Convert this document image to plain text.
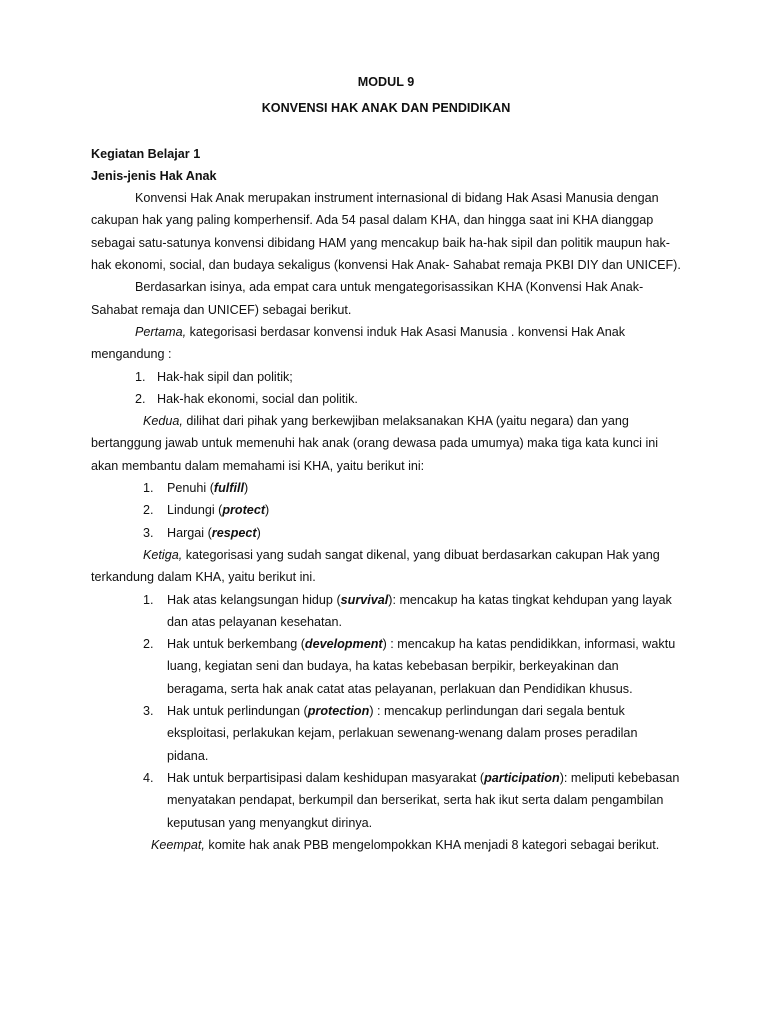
MODUL 9

KONVENSI HAK ANAK DAN PENDIDIKAN

Kegiatan Belajar 1

Jenis-jenis Hak Anak

Konvensi Hak Anak merupakan instrument internasional di bidang Hak Asasi Manusia dengan cakupan hak yang paling komperhensif. Ada 54 pasal dalam KHA, dan hingga saat ini KHA dianggap sebagai satu-satunya konvensi dibidang HAM yang mencakup baik ha-hak sipil dan politik maupun hak-hak ekonomi, social, dan budaya sekaligus (konvensi Hak Anak- Sahabat remaja PKBI DIY dan UNICEF).

Berdasarkan isinya, ada empat cara untuk mengategorisassikan KHA (Konvensi Hak Anak- Sahabat remaja dan UNICEF) sebagai berikut.

Pertama, kategorisasi berdasar konvensi induk Hak Asasi Manusia . konvensi Hak Anak mengandung :

1. Hak-hak sipil dan politik;
2. Hak-hak ekonomi, social dan politik.

Kedua, dilihat dari pihak yang berkewjiban melaksanakan KHA (yaitu negara) dan yang bertanggung jawab untuk memenuhi hak anak (orang dewasa pada umumya) maka tiga kata kunci ini akan membantu dalam memahami isi KHA, yaitu berikut ini:

1. Penuhi (fulfill)
2. Lindungi (protect)
3. Hargai (respect)

Ketiga, kategorisasi yang sudah sangat dikenal, yang dibuat berdasarkan cakupan Hak yang terkandung dalam KHA, yaitu berikut ini.

1. Hak atas kelangsungan hidup (survival): mencakup ha katas tingkat kehdupan yang layak dan atas pelayanan kesehatan.
2. Hak untuk berkembang (development) : mencakup ha katas pendidikkan, informasi, waktu luang, kegiatan seni dan budaya, ha katas kebebasan berpikir, berkeyakinan dan beragama, serta hak anak catat atas pelayanan, perlakuan dan Pendidikan khusus.
3. Hak untuk perlindungan (protection) : mencakup perlindungan dari segala bentuk eksploitasi, perlakukan kejam, perlakuan sewenang-wenang dalam proses peradilan pidana.
4. Hak untuk berpartisipasi dalam keshidupan masyarakat (participation): meliputi kebebasan menyatakan pendapat, berkumpil dan berserikat, serta hak ikut serta dalam pengambilan keputusan yang menyangkut dirinya.

Keempat, komite hak anak PBB mengelompokkan KHA menjadi 8 kategori sebagai berikut.
